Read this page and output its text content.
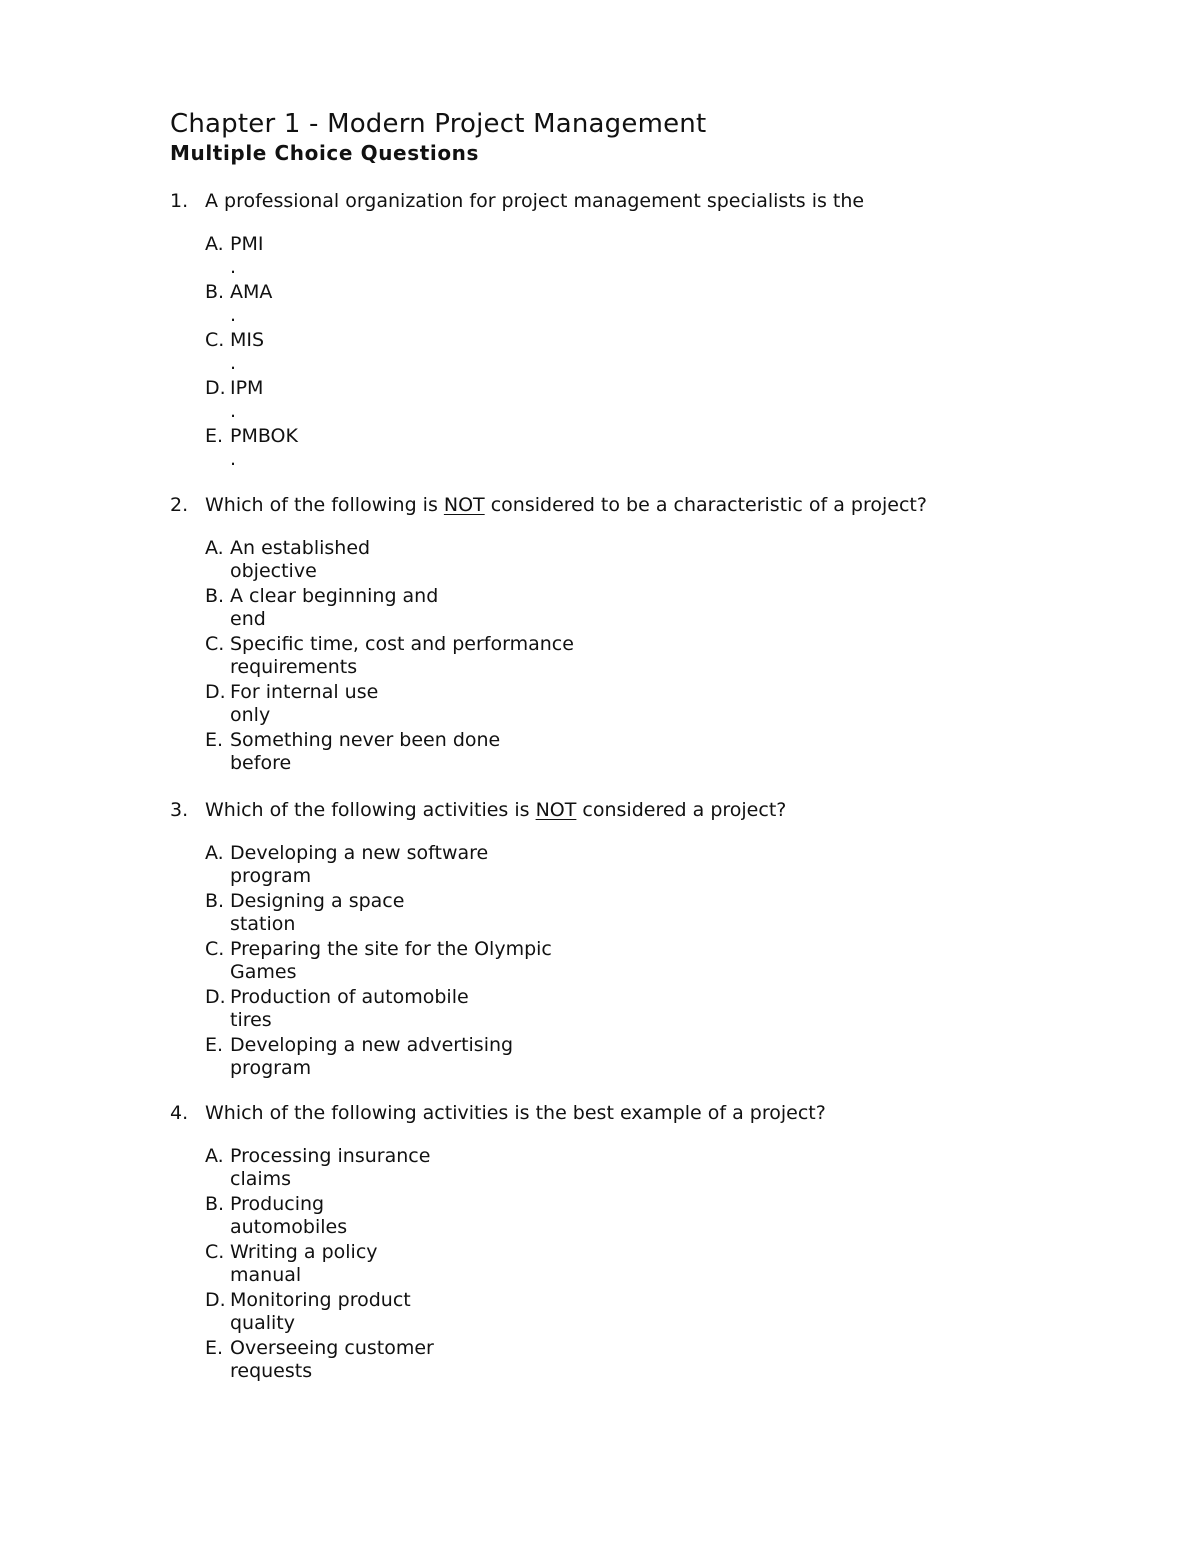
Chapter 1 - Modern Project Management
Multiple Choice Questions
1. A professional organization for project management specialists is the
A. PMI
.
B. AMA
.
C. MIS
.
D. IPM
.
E. PMBOK
.
2. Which of the following is NOT considered to be a characteristic of a project?
A. An established
objective
B. A clear beginning and
end
C. Specific time, cost and performance
requirements
D. For internal use
only
E. Something never been done
before
3. Which of the following activities is NOT considered a project?
A. Developing a new software
program
B. Designing a space
station
C. Preparing the site for the Olympic
Games
D. Production of automobile
tires
E. Developing a new advertising
program
4. Which of the following activities is the best example of a project?
A. Processing insurance
claims
B. Producing
automobiles
C. Writing a policy
manual
D. Monitoring product
quality
E. Overseeing customer
requests
